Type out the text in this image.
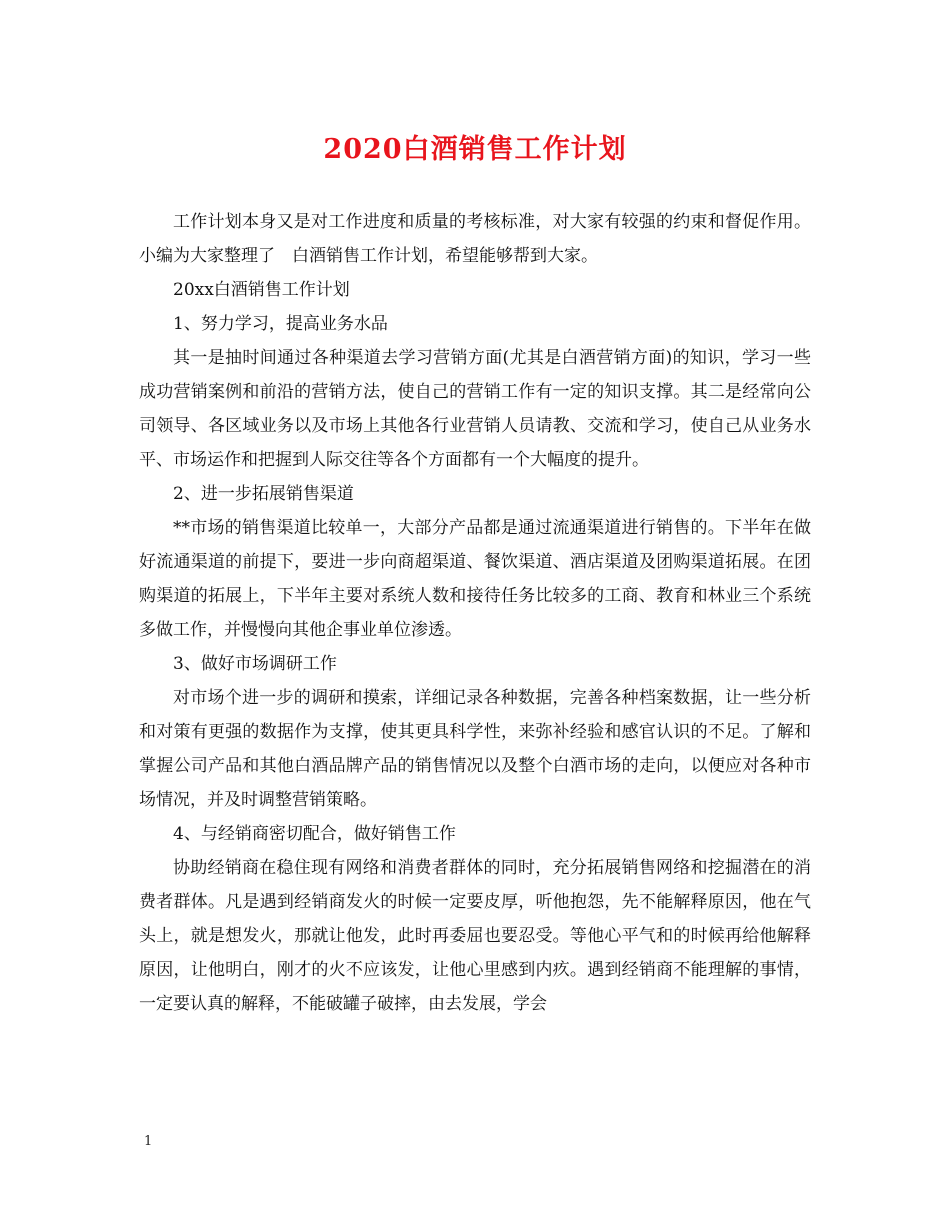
2020白酒销售工作计划

工作计划本身又是对工作进度和质量的考核标准，对大家有较强的约束和督促作用。小编为大家整理了　白酒销售工作计划，希望能够帮到大家。

20xx白酒销售工作计划

1、努力学习，提高业务水品

其一是抽时间通过各种渠道去学习营销方面(尤其是白酒营销方面)的知识，学习一些成功营销案例和前沿的营销方法，使自己的营销工作有一定的知识支撑。其二是经常向公司领导、各区域业务以及市场上其他各行业营销人员请教、交流和学习，使自己从业务水平、市场运作和把握到人际交往等各个方面都有一个大幅度的提升。

2、进一步拓展销售渠道

**市场的销售渠道比较单一，大部分产品都是通过流通渠道进行销售的。下半年在做好流通渠道的前提下，要进一步向商超渠道、餐饮渠道、酒店渠道及团购渠道拓展。在团购渠道的拓展上，下半年主要对系统人数和接待任务比较多的工商、教育和林业三个系统多做工作，并慢慢向其他企事业单位渗透。

3、做好市场调研工作

对市场个进一步的调研和摸索，详细记录各种数据，完善各种档案数据，让一些分析和对策有更强的数据作为支撑，使其更具科学性，来弥补经验和感官认识的不足。了解和掌握公司产品和其他白酒品牌产品的销售情况以及整个白酒市场的走向，以便应对各种市场情况，并及时调整营销策略。

4、与经销商密切配合，做好销售工作

协助经销商在稳住现有网络和消费者群体的同时，充分拓展销售网络和挖掘潜在的消费者群体。凡是遇到经销商发火的时候一定要皮厚，听他抱怨，先不能解释原因，他在气头上，就是想发火，那就让他发，此时再委屈也要忍受。等他心平气和的时候再给他解释原因，让他明白，刚才的火不应该发，让他心里感到内疚。遇到经销商不能理解的事情，一定要认真的解释，不能破罐子破摔，由去发展，学会

1
